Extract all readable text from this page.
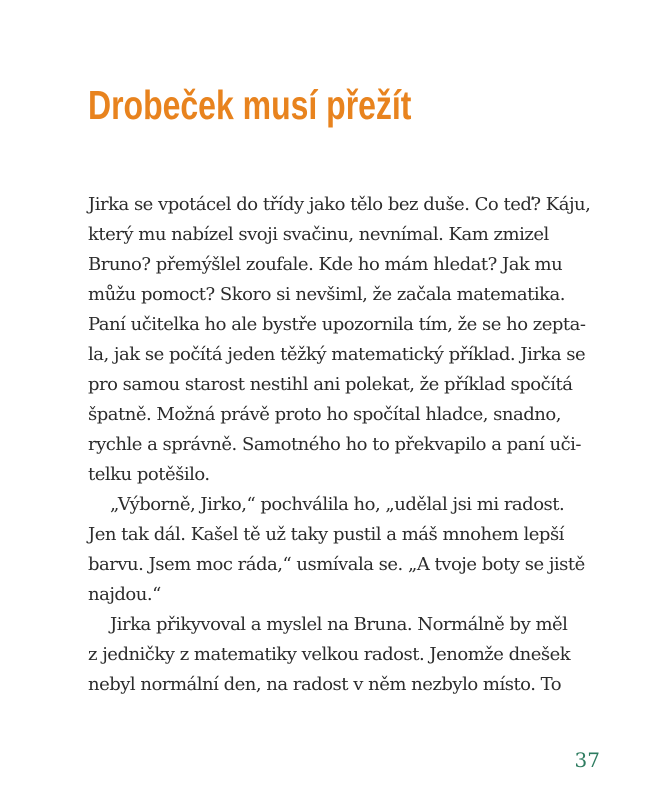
Drobeček musí přežít
Jirka se vpotácel do třídy jako tělo bez duše. Co teď? Káju,
který mu nabízel svoji svačinu, nevnímal. Kam zmizel
Bruno? přemýšlel zoufale. Kde ho mám hledat? Jak mu
můžu pomoct? Skoro si nevšiml, že začala matematika.
Paní učitelka ho ale bystře upozornila tím, že se ho zepta-
la, jak se počítá jeden těžký matematický příklad. Jirka se
pro samou starost nestihl ani polekat, že příklad spočítá
špatně. Možná právě proto ho spočítal hladce, snadno,
rychle a správně. Samotného ho to překvapilo a paní uči-
telku potěšilo.
„Výborně, Jirko,“ pochválila ho, „udělal jsi mi radost.
Jen tak dál. Kašel tě už taky pustil a máš mnohem lepší
barvu. Jsem moc ráda,“ usmívala se. „A tvoje boty se jistě
najdou.“
Jirka přikyvoval a myslel na Bruna. Normálně by měl
z jedničky z matematiky velkou radost. Jenomže dnešek
nebyl normální den, na radost v něm nezbylo místo. To
37
